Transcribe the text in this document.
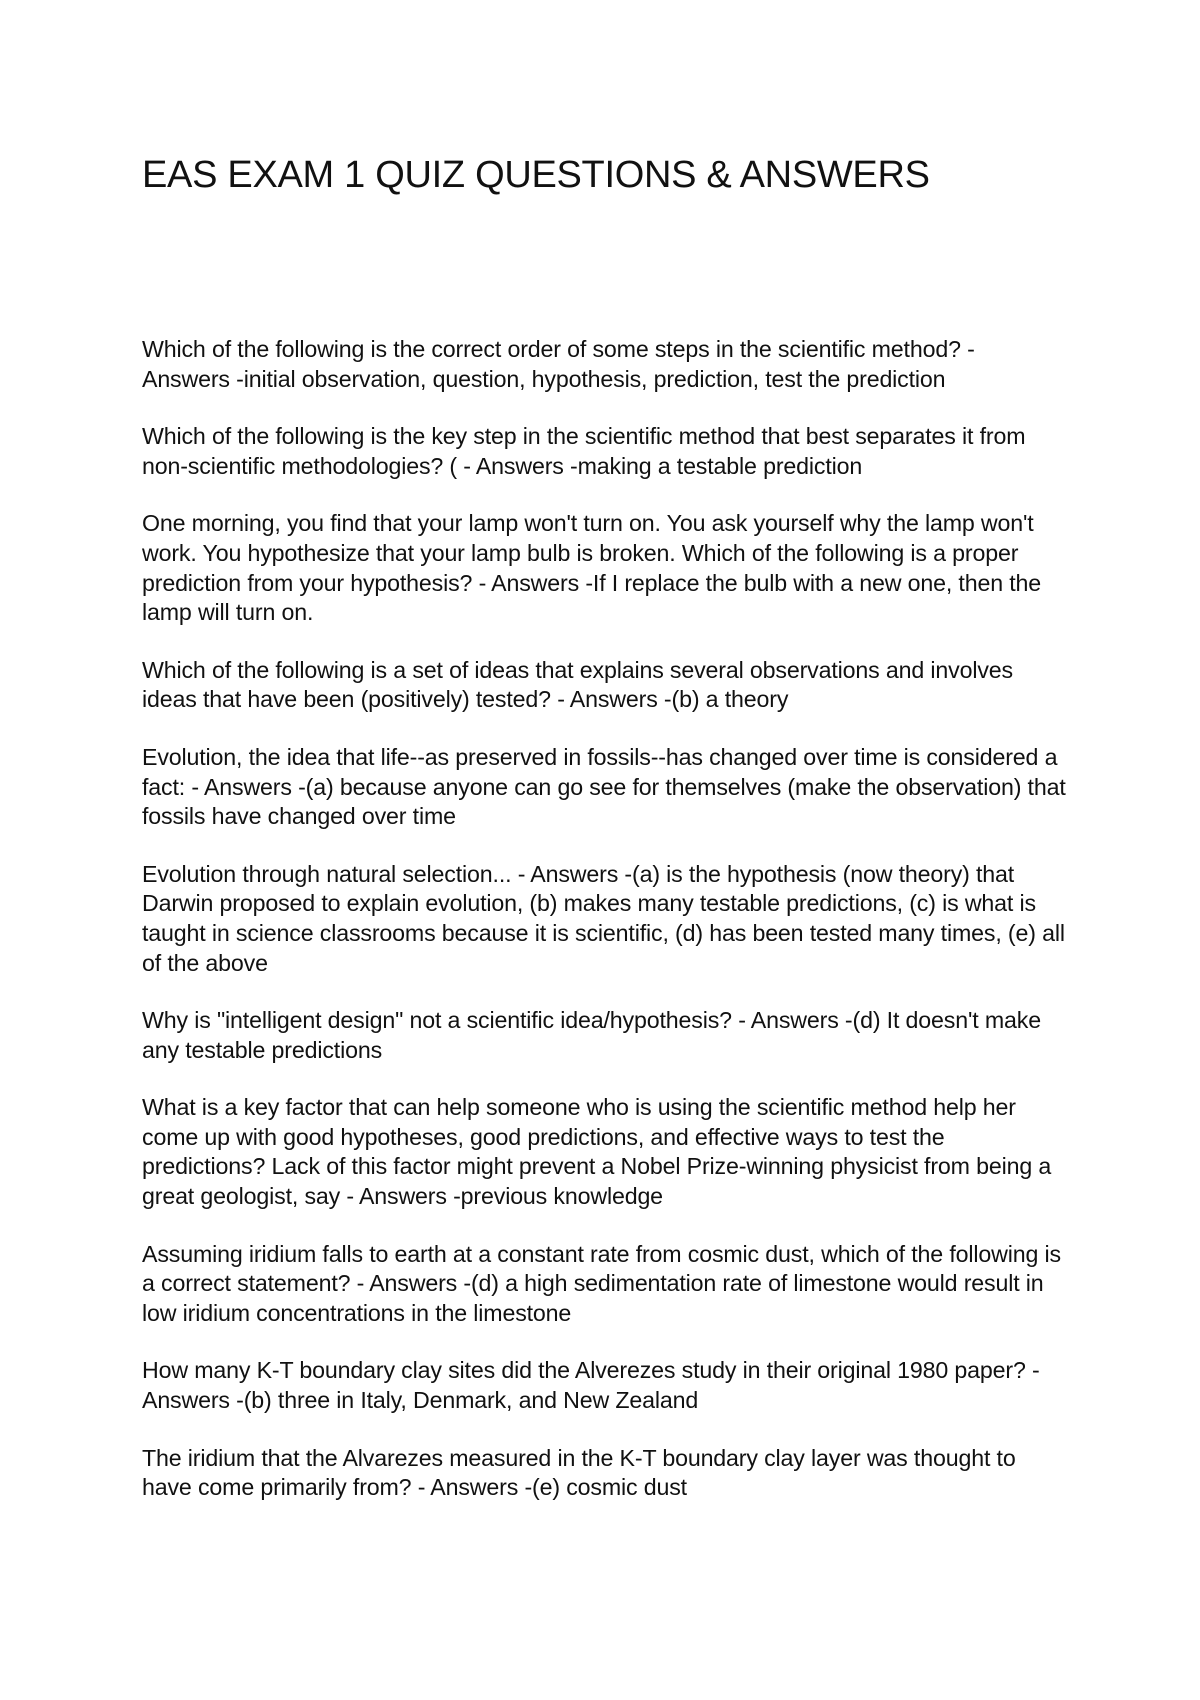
EAS EXAM 1 QUIZ QUESTIONS & ANSWERS
Which of the following is the correct order of some steps in the scientific method? - Answers -initial observation, question, hypothesis, prediction, test the prediction
Which of the following is the key step in the scientific method that best separates it from non-scientific methodologies? ( - Answers -making a testable prediction
One morning, you find that your lamp won't turn on. You ask yourself why the lamp won't work. You hypothesize that your lamp bulb is broken. Which of the following is a proper prediction from your hypothesis? - Answers -If I replace the bulb with a new one, then the lamp will turn on.
Which of the following is a set of ideas that explains several observations and involves ideas that have been (positively) tested? - Answers -(b) a theory
Evolution, the idea that life--as preserved in fossils--has changed over time is considered a fact: - Answers -(a) because anyone can go see for themselves (make the observation) that fossils have changed over time
Evolution through natural selection... - Answers -(a) is the hypothesis (now theory) that Darwin proposed to explain evolution, (b) makes many testable predictions, (c) is what is taught in science classrooms because it is scientific, (d) has been tested many times, (e) all of the above
Why is "intelligent design" not a scientific idea/hypothesis? - Answers -(d) It doesn't make any testable predictions
What is a key factor that can help someone who is using the scientific method help her come up with good hypotheses, good predictions, and effective ways to test the predictions? Lack of this factor might prevent a Nobel Prize-winning physicist from being a great geologist, say - Answers -previous knowledge
Assuming iridium falls to earth at a constant rate from cosmic dust, which of the following is a correct statement? - Answers -(d) a high sedimentation rate of limestone would result in low iridium concentrations in the limestone
How many K-T boundary clay sites did the Alverezes study in their original 1980 paper? - Answers -(b) three in Italy, Denmark, and New Zealand
The iridium that the Alvarezes measured in the K-T boundary clay layer was thought to have come primarily from? - Answers -(e) cosmic dust
